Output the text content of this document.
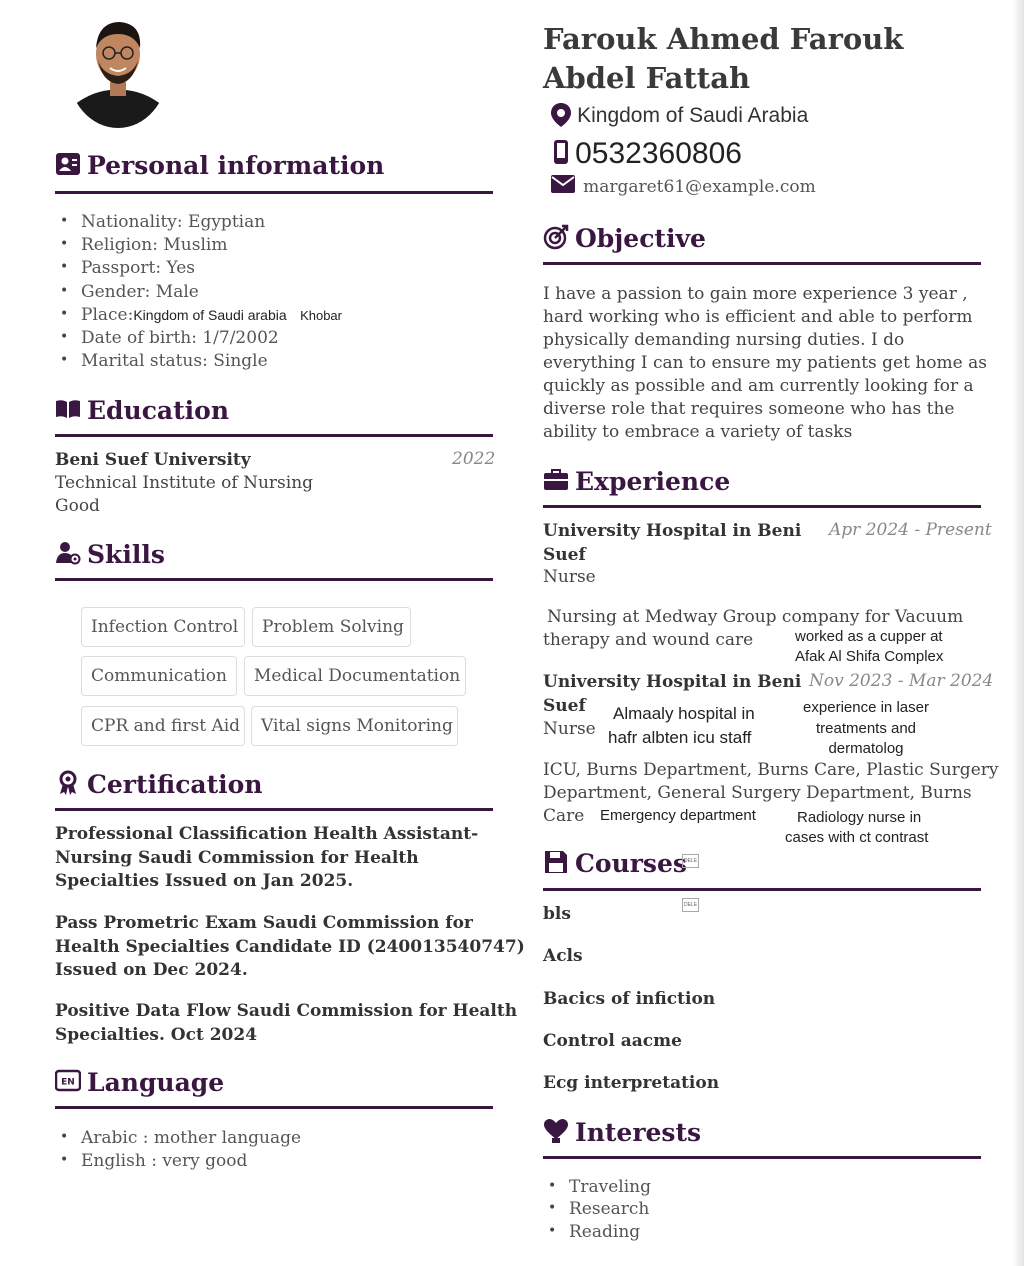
Farouk Ahmed Farouk
Abdel Fattah
Kingdom of Saudi Arabia
0532360806
margaret61@example.com
Personal information
• Nationality: Egyptian
• Religion: Muslim
• Passport: Yes
• Gender: Male
• Place:Kingdom of Saudi arabia Khobar
• Date of birth: 1/7/2002
• Marital status: Single
Education
Beni Suef University	2022
Technical Institute of Nursing
Good
Skills
Infection Control	Problem Solving
Communication	Medical Documentation
CPR and first Aid	Vital signs Monitoring
Certification
Professional Classification Health Assistant-
Nursing Saudi Commission for Health
Specialties Issued on Jan 2025.
Pass Prometric Exam Saudi Commission for
Health Specialties Candidate ID (240013540747)
Issued on Dec 2024.
Positive Data Flow Saudi Commission for Health
Specialties. Oct 2024
EN Language
• Arabic : mother language
• English : very good
Objective
I have a passion to gain more experience 3 year ,
hard working who is efficient and able to perform
physically demanding nursing duties. I do
everything I can to ensure my patients get home as
quickly as possible and am currently looking for a
diverse role that requires someone who has the
ability to embrace a variety of tasks
Experience
University Hospital in Beni
Suef
Apr 2024 - Present
Nurse
Nursing at Medway Group company for Vacuum
therapy and wound care	worked as a cupper at
Afak Al Shifa Complex
University Hospital in Beni
Suef
Nov 2023 - Mar 2024
Nurse
Almaaly hospital in
hafr albten icu staff
experience in laser
treatments and
dermatolog
ICU, Burns Department, Burns Care, Plastic Surgery
Department, General Surgery Department, Burns
Care	Emergency department	Radiology nurse in
cases with ct contrast
Courses
DELE
DELE
bls
Acls
Bacics of infiction
Control aacme
Ecg interpretation
Interests
• Traveling
• Research
• Reading
